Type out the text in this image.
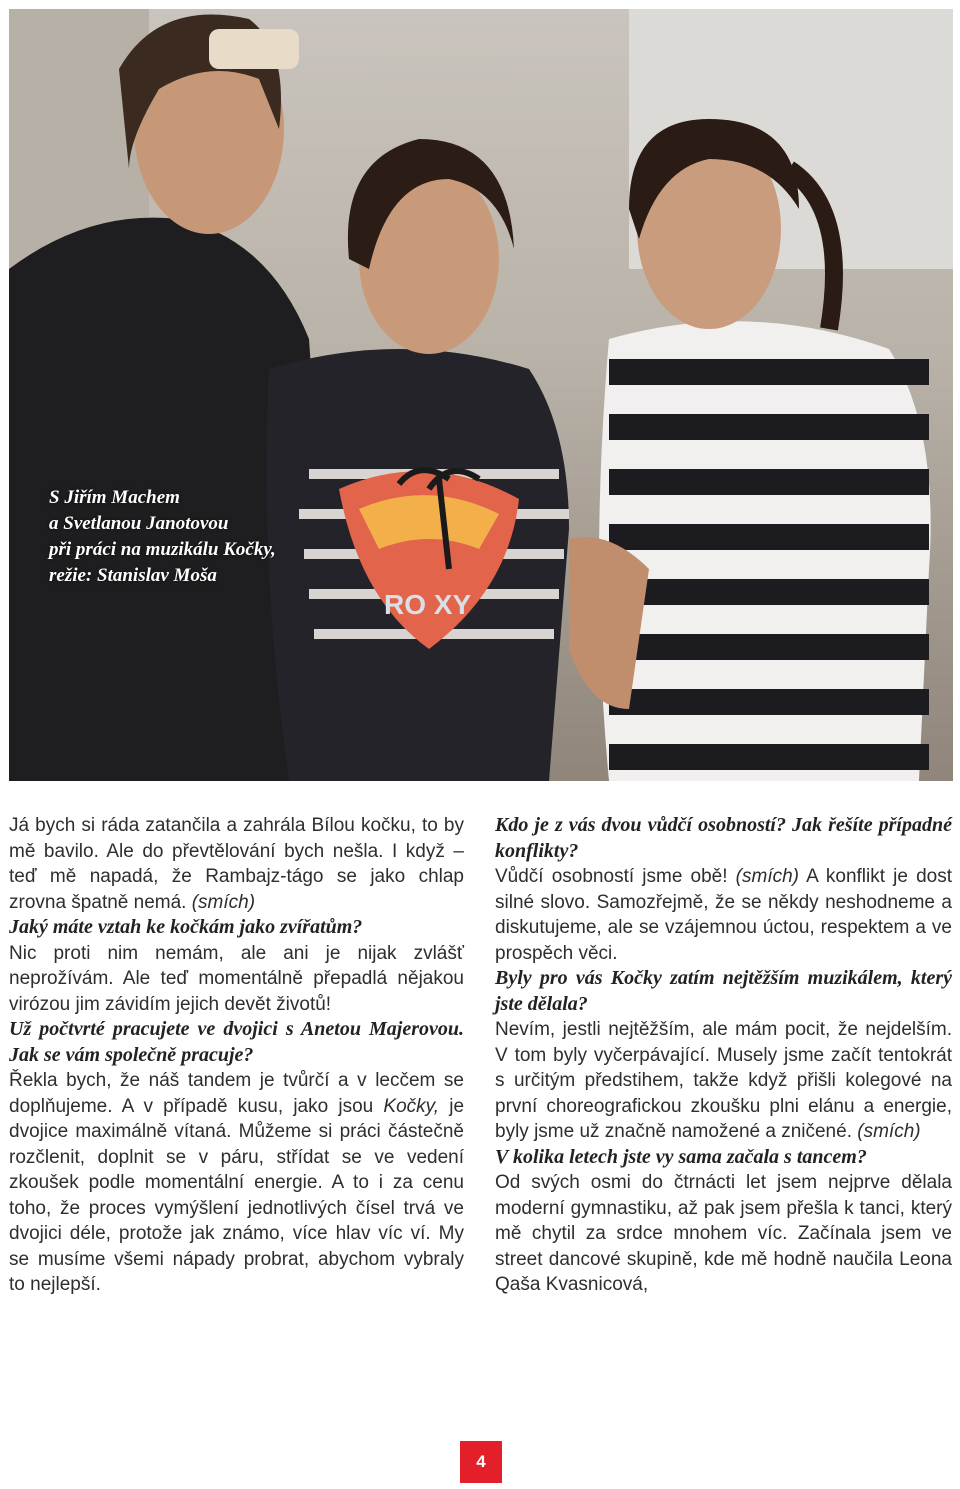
RO XY
S Jiřím Machem
a Svetlanou Janotovou
při práci na muzikálu Kočky,
režie: Stanislav Moša

Já bych si ráda zatančila a zahrála Bílou kočku, to by mě bavilo. Ale do převtělování bych nešla. I když – teď mě napadá, že Rambajz-tágo se jako chlap zrovna špatně nemá. (smích)

Jaký máte vztah ke kočkám jako zvířatům?

Nic proti nim nemám, ale ani je nijak zvlášť neprožívám. Ale teď momentálně přepadlá nějakou virózou jim závidím jejich devět životů!

Už počtvrté pracujete ve dvojici s Anetou Majerovou. Jak se vám společně pracuje?

Řekla bych, že náš tandem je tvůrčí a v lecčem se doplňujeme. A v případě kusu, jako jsou Kočky, je dvojice maximálně vítaná. Můžeme si práci částečně rozčlenit, doplnit se v páru, střídat se ve vedení zkoušek podle momentální energie. A to i za cenu toho, že proces vymýšlení jednotlivých čísel trvá ve dvojici déle, protože jak známo, více hlav víc ví. My se musíme všemi nápady probrat, abychom vybraly to nejlepší.

Kdo je z vás dvou vůdčí osobností? Jak řešíte případné konflikty?

Vůdčí osobností jsme obě! (smích) A konflikt je dost silné slovo. Samozřejmě, že se někdy neshodneme a diskutujeme, ale se vzájemnou úctou, respektem a ve prospěch věci.

Byly pro vás Kočky zatím nejtěžším muzikálem, který jste dělala?

Nevím, jestli nejtěžším, ale mám pocit, že nejdelším. V tom byly vyčerpávající. Musely jsme začít tentokrát s určitým předstihem, takže když přišli kolegové na první choreografickou zkoušku plni elánu a energie, byly jsme už značně namožené a zničené. (smích)

V kolika letech jste vy sama začala s tancem?

Od svých osmi do čtrnácti let jsem nejprve dělala moderní gymnastiku, až pak jsem přešla k tanci, který mě chytil za srdce mnohem víc. Začínala jsem ve street dancové skupině, kde mě hodně naučila Leona Qaša Kvasnicová,

4
